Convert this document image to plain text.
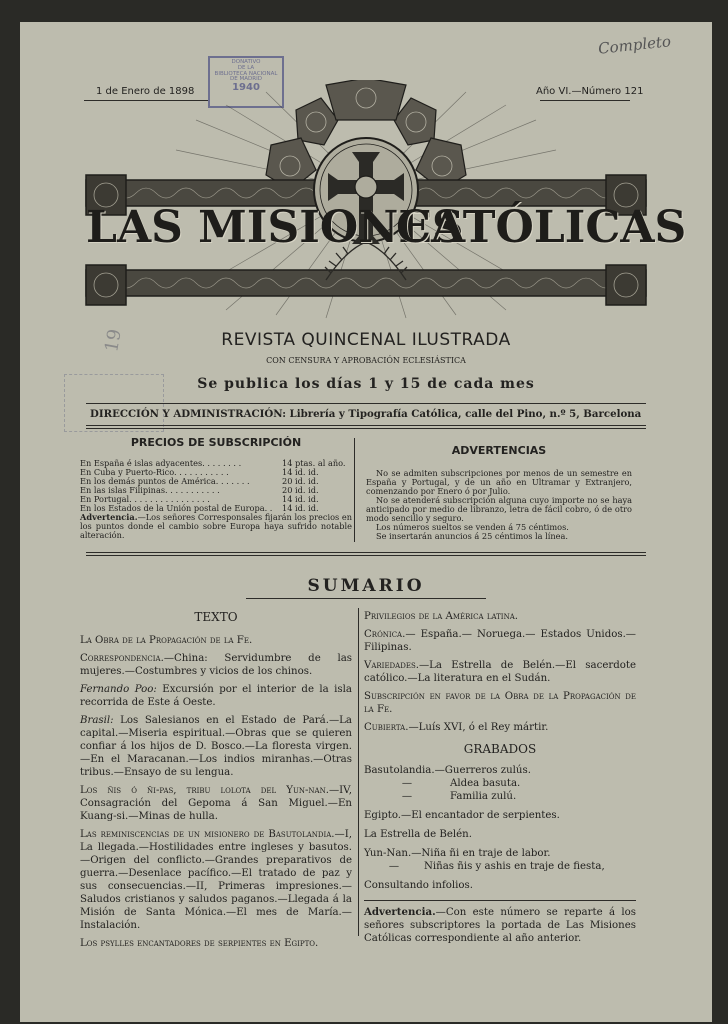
Completo
DONATIVO
DE LA
BIBLIOTECA NACIONAL
DE MADRID
1940
1 de Enero de 1898	Año VI.—Número 121
LAS MISIONES
CATÓLICAS
19	REVISTA QUINCENAL ILUSTRADA
CON CENSURA Y APROBACIÓN ECLESIÁSTICA
Se publica los días 1 y 15 de cada mes
DIRECCIÓN Y ADMINISTRACIÓN: Librería y Tipografía Católica, calle del Pino, n.º 5, Barcelona
PRECIOS DE SUBSCRIPCIÓN
En España é islas adyacentes. . . . . . . .	14 ptas. al año.
En Cuba y Puerto-Rico. . . . . . . . . . .	14 id. id.
En los demás puntos de América. . . . . . .	20 id. id.
En las islas Filipinas. . . . . . . . . . .	20 id. id.
En Portugal. . . . . . . . . . . . . . . .	14 id. id.
En los Estados de la Unión postal de Europa. .	14 id. id.
Advertencia.—Los señores Corresponsales fijarán los precios en los puntos donde el cambio sobre Europa haya sufrido notable alteración.
ADVERTENCIAS
No se admiten subscripciones por menos de un semestre en España y Portugal, y de un año en Ultramar y Extranjero, comenzando por Enero ó por Julio.
No se atenderá subscripción alguna cuyo importe no se haya anticipado por medio de libranzo, letra de fácil cobro, ó de otro modo sencillo y seguro.
Los números sueltos se venden á 75 céntimos.
Se insertarán anuncios á 25 céntimos la línea.
SUMARIO
TEXTO
La Obra de la Propagación de la Fe.
Correspondencia.—China: Servidumbre de las mujeres.—Costumbres y vicios de los chinos.
Fernando Poo: Excursión por el interior de la isla recorrida de Este á Oeste.
Brasil: Los Salesianos en el Estado de Pará.—La capital.—Miseria espiritual.—Obras que se quieren confiar á los hijos de D. Bosco.—La floresta virgen.—En el Maracanan.—Los indios miranhas.—Otras tribus.—Ensayo de su lengua.
Los ñis ó ñi-pas, tribu lolota del Yun-nan.—IV, Consagración del Gepoma á San Miguel.—En Kuang-si.—Minas de hulla.
Las reminiscencias de un misionero de Basutolandia.—I, La llegada.—Hostilidades entre ingleses y basutos.—Origen del conflicto.—Grandes preparativos de guerra.—Desenlace pacífico.—El tratado de paz y sus consecuencias.—II, Primeras impresiones.—Saludos cristianos y saludos paganos.—Llegada á la Misión de Santa Mónica.—El mes de María.—Instalación.
Los psylles encantadores de serpientes en Egipto.
Privilegios de la América latina.
Crónica.— España.— Noruega.— Estados Unidos.— Filipinas.
Variedades.—La Estrella de Belén.—El sacerdote católico.—La literatura en el Sudán.
Subscripción en favor de la Obra de la Propagación de la Fe.
Cubierta.—Luís XVI, ó el Rey mártir.
GRABADOS
Basutolandia. —Guerreros zulús.
—	Aldea basuta.
—	Familia zulú.
Egipto. —El encantador de serpientes.
La Estrella de Belén.
Yun-Nan. —Niña ñi en traje de labor.
—	Niñas ñis y ashis en traje de fiesta,
Consultando infolios.
Advertencia.—Con este número se reparte á los señores subscriptores la portada de Las Misiones Católicas correspondiente al año anterior.
